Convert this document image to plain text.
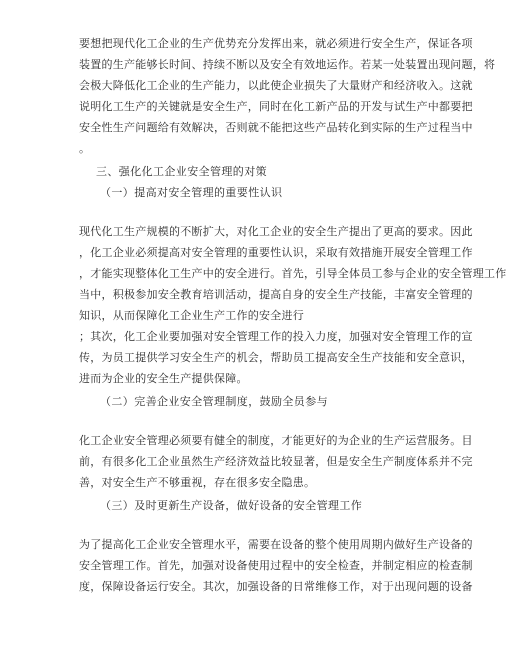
要想把现代化工企业的生产优势充分发挥出来，就必须进行安全生产，保证各项
装置的生产能够长时间、持续不断以及安全有效地运作。若某一处装置出现问题，将
会极大降低化工企业的生产能力，以此使企业损失了大量财产和经济收入。这就
说明化工生产的关键就是安全生产，同时在化工新产品的开发与试生产中都要把
安全性生产问题给有效解决，否则就不能把这些产品转化到实际的生产过程当中
。
三、强化化工企业安全管理的对策
（一）提高对安全管理的重要性认识
现代化工生产规模的不断扩大，对化工企业的安全生产提出了更高的要求。因此
，化工企业必须提高对安全管理的重要性认识，采取有效措施开展安全管理工作
，才能实现整体化工生产中的安全进行。首先，引导全体员工参与企业的安全管理工作
当中，积极参加安全教育培训活动，提高自身的安全生产技能，丰富安全管理的
知识，从而保障化工企业生产工作的安全进行
；其次，化工企业要加强对安全管理工作的投入力度，加强对安全管理工作的宣
传，为员工提供学习安全生产的机会，帮助员工提高安全生产技能和安全意识，
进而为企业的安全生产提供保障。
（二）完善企业安全管理制度，鼓励全员参与
化工企业安全管理必须要有健全的制度，才能更好的为企业的生产运营服务。目
前，有很多化工企业虽然生产经济效益比较显著，但是安全生产制度体系并不完
善，对安全生产不够重视，存在很多安全隐患。
（三）及时更新生产设备，做好设备的安全管理工作
为了提高化工企业安全管理水平，需要在设备的整个使用周期内做好生产设备的
安全管理工作。首先，加强对设备使用过程中的安全检查，并制定相应的检查制
度，保障设备运行安全。其次，加强设备的日常维修工作，对于出现问题的设备
